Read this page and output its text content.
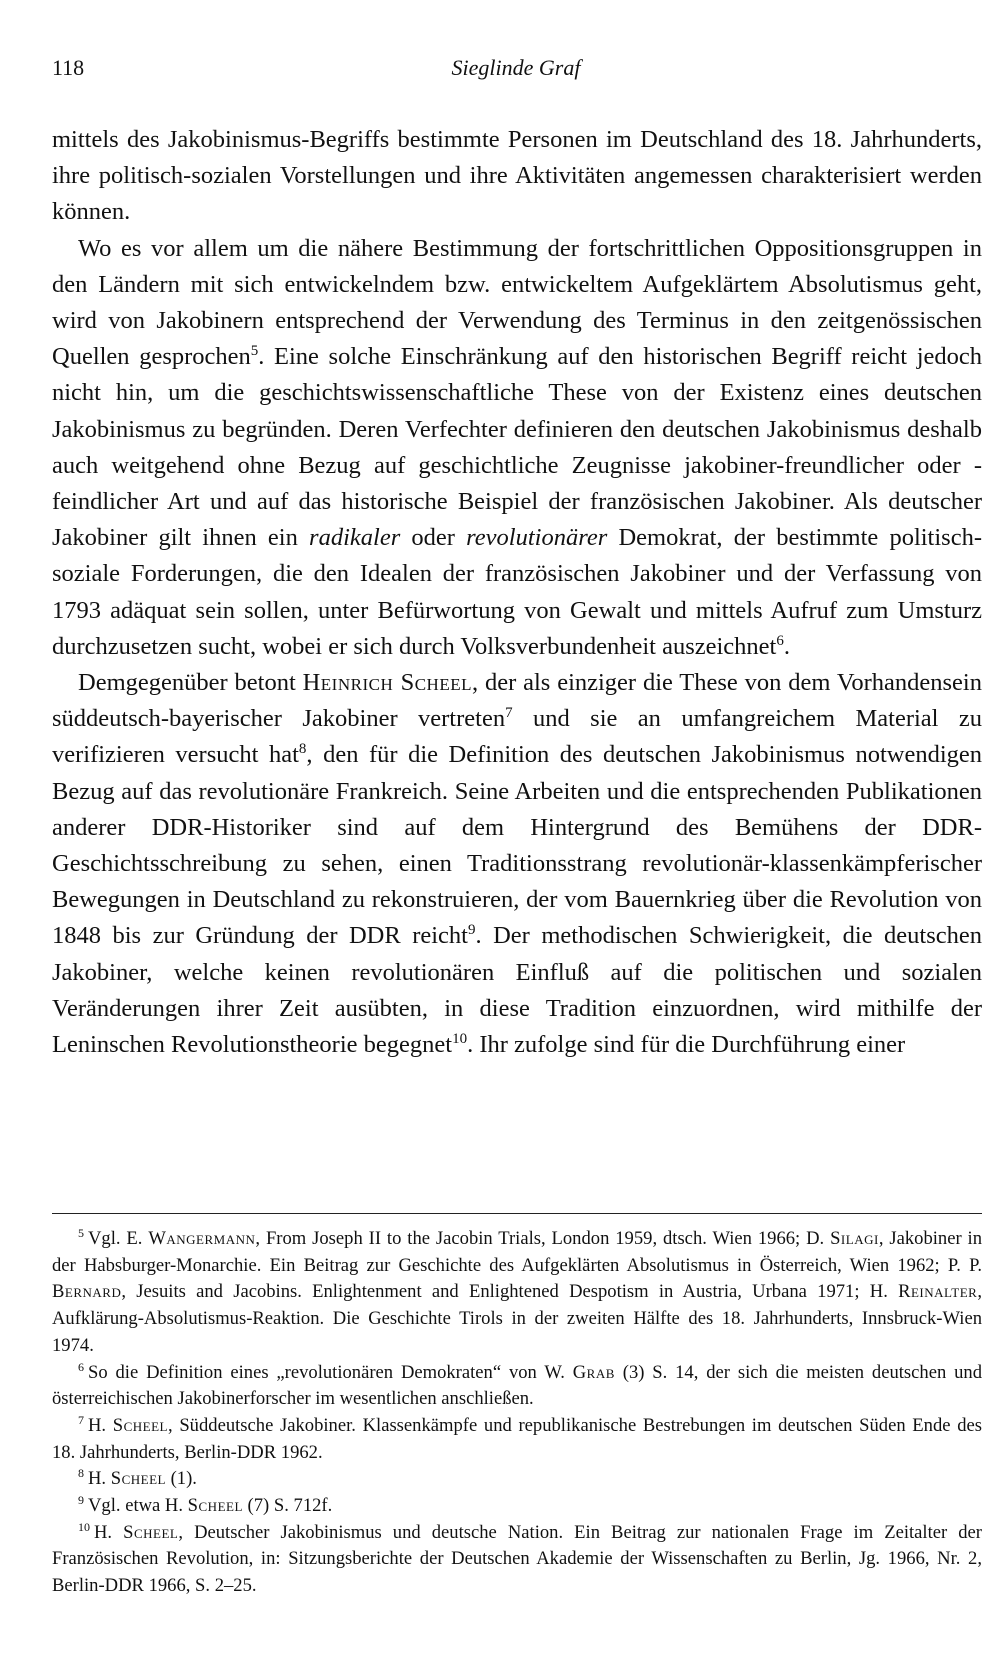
118	Sieglinde Graf

mittels des Jakobinismus-Begriffs bestimmte Personen im Deutschland des 18. Jahrhunderts, ihre politisch-sozialen Vorstellungen und ihre Aktivitäten angemessen charakterisiert werden können.

Wo es vor allem um die nähere Bestimmung der fortschrittlichen Oppositionsgruppen in den Ländern mit sich entwickelndem bzw. entwickeltem Aufgeklärtem Absolutismus geht, wird von Jakobinern entsprechend der Verwendung des Terminus in den zeitgenössischen Quellen gesprochen$^5$. Eine solche Einschränkung auf den historischen Begriff reicht jedoch nicht hin, um die geschichtswissenschaftliche These von der Existenz eines deutschen Jakobinismus zu begründen. Deren Verfechter definieren den deutschen Jakobinismus deshalb auch weitgehend ohne Bezug auf geschichtliche Zeugnisse jakobiner-freundlicher oder -feindlicher Art und auf das historische Beispiel der französischen Jakobiner. Als deutscher Jakobiner gilt ihnen ein radikaler oder revolutionärer Demokrat, der bestimmte politisch-soziale Forderungen, die den Idealen der französischen Jakobiner und der Verfassung von 1793 adäquat sein sollen, unter Befürwortung von Gewalt und mittels Aufruf zum Umsturz durchzusetzen sucht, wobei er sich durch Volksverbundenheit auszeichnet$^6$.

Demgegenüber betont Heinrich Scheel, der als einziger die These von dem Vorhandensein süddeutsch-bayerischer Jakobiner vertreten$^7$ und sie an umfangreichem Material zu verifizieren versucht hat$^8$, den für die Definition des deutschen Jakobinismus notwendigen Bezug auf das revolutionäre Frankreich. Seine Arbeiten und die entsprechenden Publikationen anderer DDR-Historiker sind auf dem Hintergrund des Bemühens der DDR-Geschichtsschreibung zu sehen, einen Traditionsstrang revolutionär-klassenkämpferischer Bewegungen in Deutschland zu rekonstruieren, der vom Bauernkrieg über die Revolution von 1848 bis zur Gründung der DDR reicht$^9$. Der methodischen Schwierigkeit, die deutschen Jakobiner, welche keinen revolutionären Einfluß auf die politischen und sozialen Veränderungen ihrer Zeit ausübten, in diese Tradition einzuordnen, wird mithilfe der Leninschen Revolutionstheorie begegnet$^{10}$. Ihr zufolge sind für die Durchführung einer

$^5$ Vgl. E. Wangermann, From Joseph II to the Jacobin Trials, London 1959, dtsch. Wien 1966; D. Silagi, Jakobiner in der Habsburger-Monarchie. Ein Beitrag zur Geschichte des Aufgeklärten Absolutismus in Österreich, Wien 1962; P. P. Bernard, Jesuits and Jacobins. Enlightenment and Enlightened Despotism in Austria, Urbana 1971; H. Reinalter, Aufklärung-Absolutismus-Reaktion. Die Geschichte Tirols in der zweiten Hälfte des 18. Jahrhunderts, Innsbruck-Wien 1974.

$^6$ So die Definition eines „revolutionären Demokraten“ von W. Grab (3) S. 14, der sich die meisten deutschen und österreichischen Jakobinerforscher im wesentlichen anschließen.

$^7$ H. Scheel, Süddeutsche Jakobiner. Klassenkämpfe und republikanische Bestrebungen im deutschen Süden Ende des 18. Jahrhunderts, Berlin-DDR 1962.

$^8$ H. Scheel (1).

$^9$ Vgl. etwa H. Scheel (7) S. 712f.

$^{10}$ H. Scheel, Deutscher Jakobinismus und deutsche Nation. Ein Beitrag zur nationalen Frage im Zeitalter der Französischen Revolution, in: Sitzungsberichte der Deutschen Akademie der Wissenschaften zu Berlin, Jg. 1966, Nr. 2, Berlin-DDR 1966, S. 2–25.
